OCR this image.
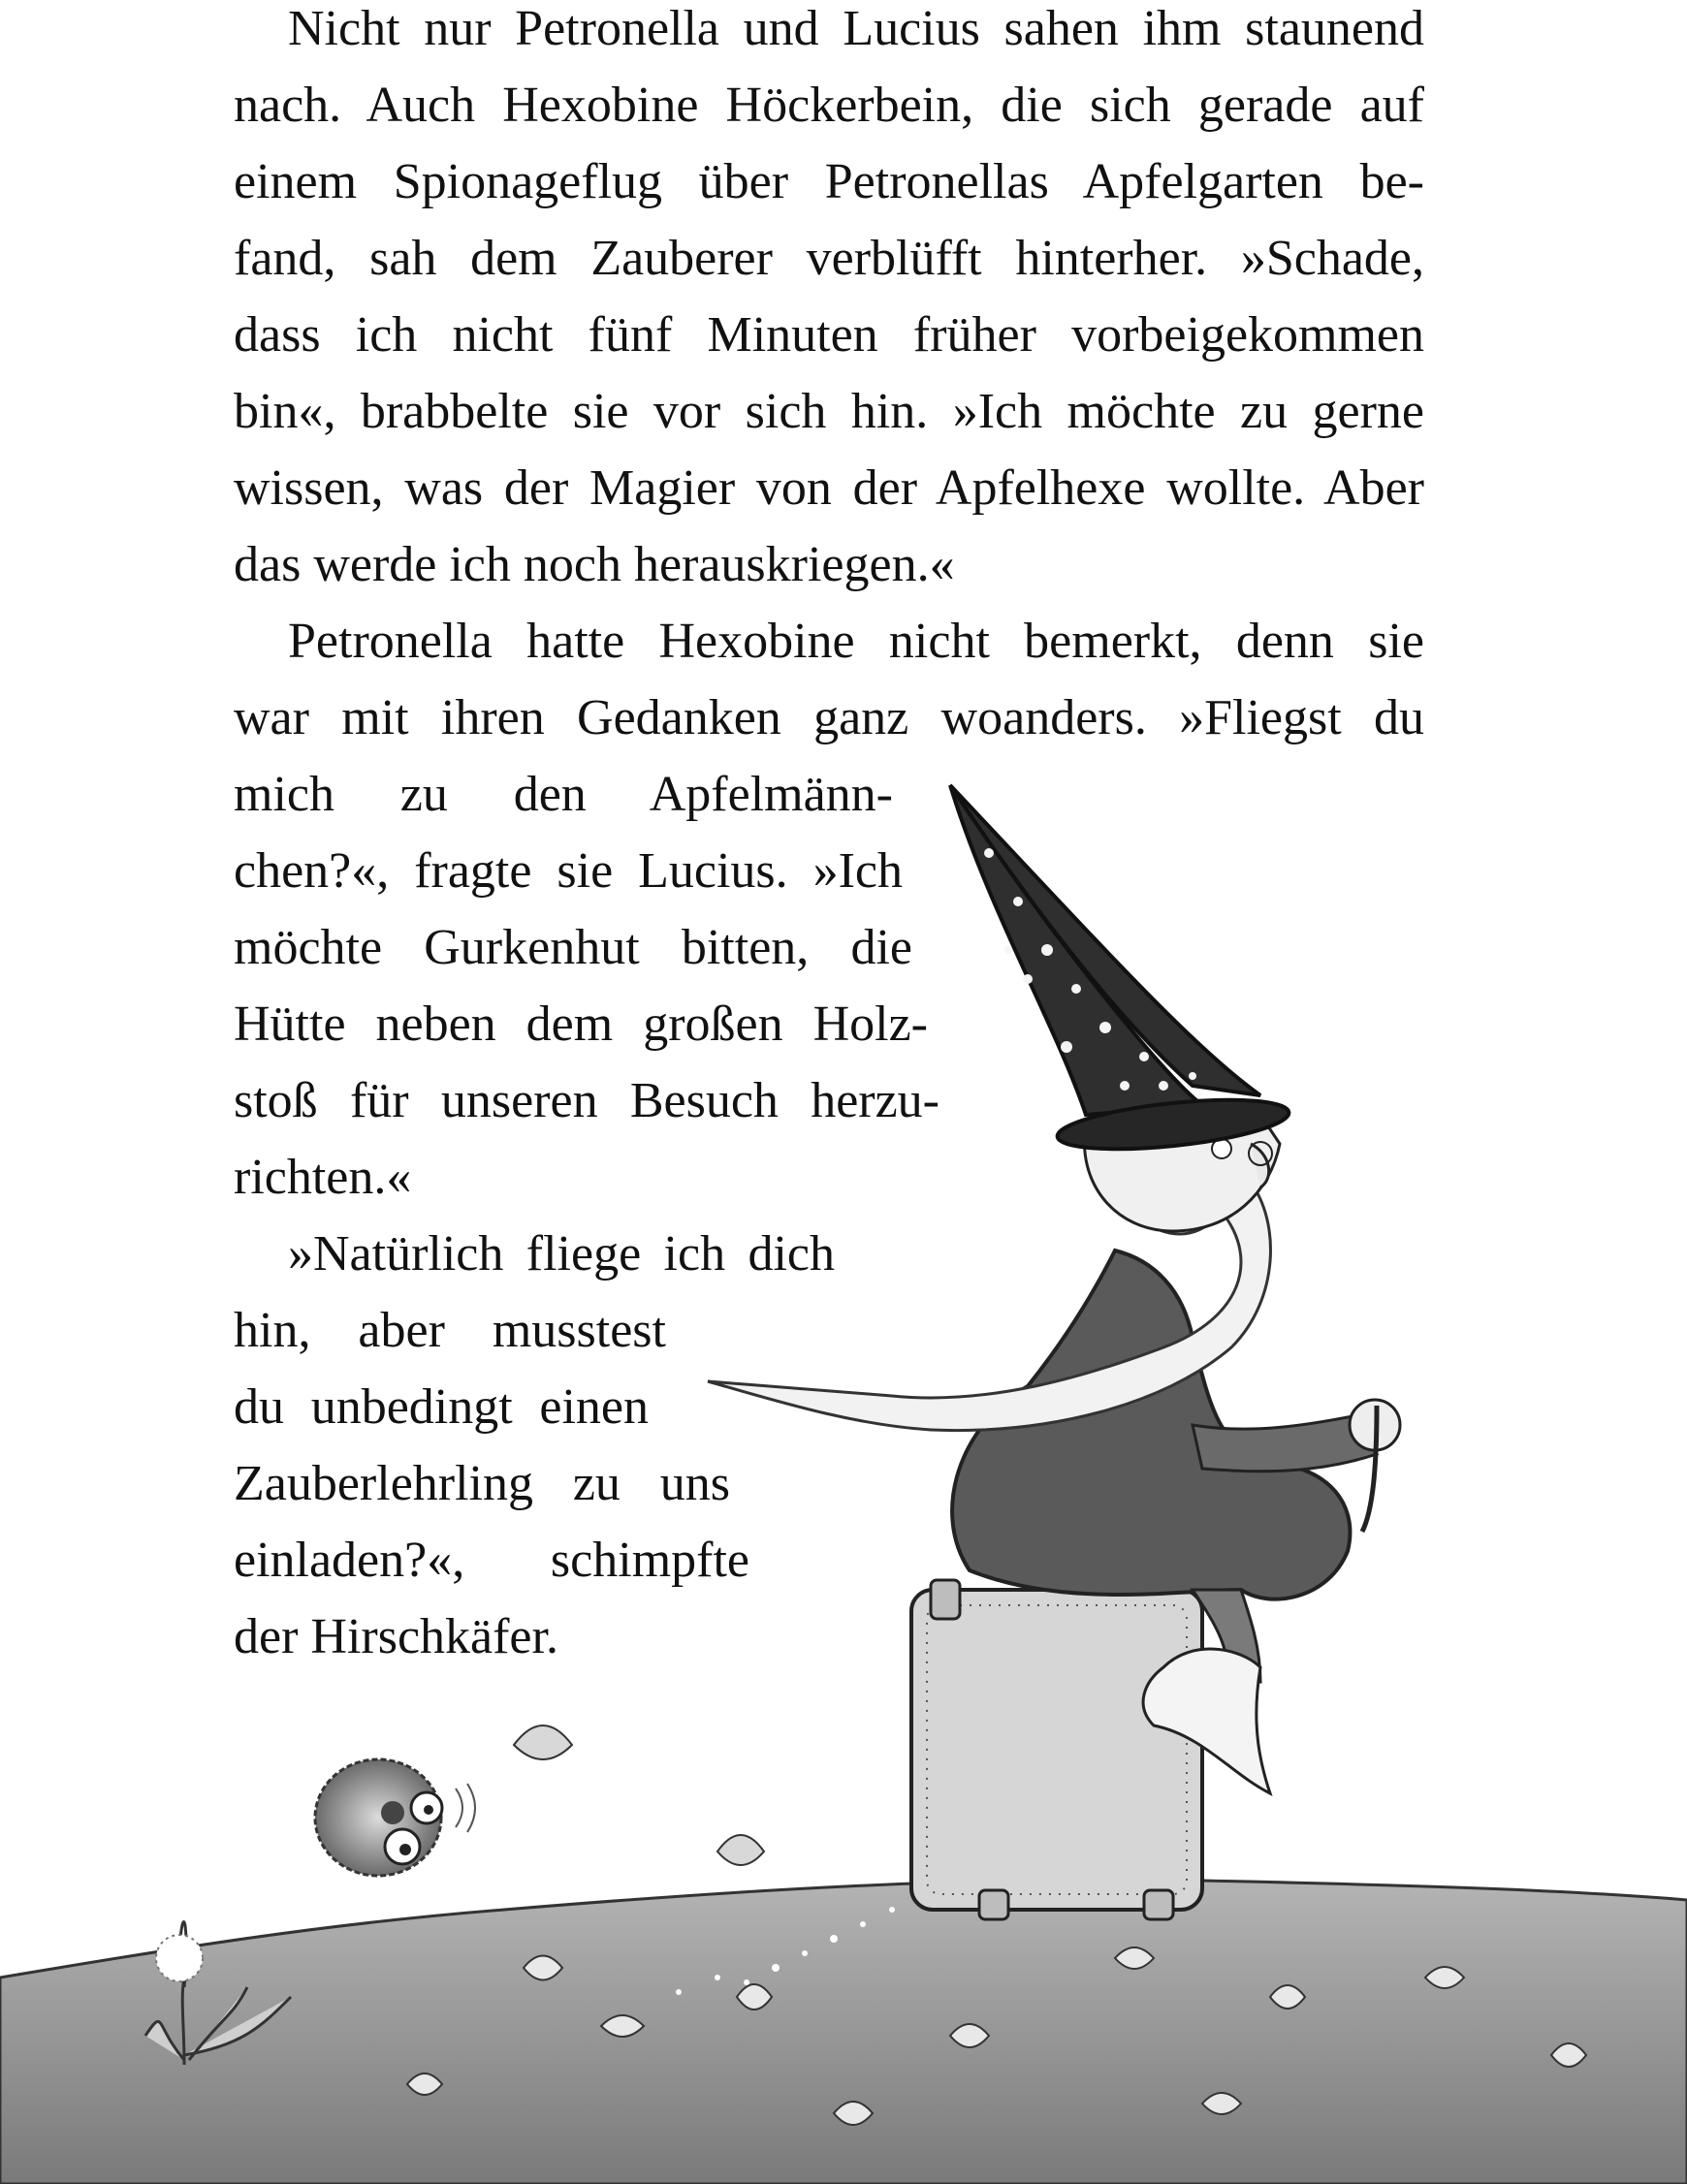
Nicht nur Petronella und Lucius sahen ihm staunend

nach. Auch Hexobine Höckerbein, die sich gerade auf

einem Spionageflug über Petronellas Apfelgarten be-

fand, sah dem Zauberer verblüfft hinterher. »Schade,

dass ich nicht fünf Minuten früher vorbeigekommen

bin«, brabbelte sie vor sich hin. »Ich möchte zu gerne

wissen, was der Magier von der Apfelhexe wollte. Aber

das werde ich noch herauskriegen.«

Petronella hatte Hexobine nicht bemerkt, denn sie

war mit ihren Gedanken ganz woanders. »Fliegst du

mich zu den Apfelmänn-

chen?«, fragte sie Lucius. »Ich

möchte Gurkenhut bitten, die

Hütte neben dem großen Holz-

stoß für unseren Besuch herzu-

richten.«

»Natürlich fliege ich dich

hin, aber musstest

du unbedingt einen

Zauberlehrling zu uns

einladen?«, schimpfte

der Hirschkäfer.
